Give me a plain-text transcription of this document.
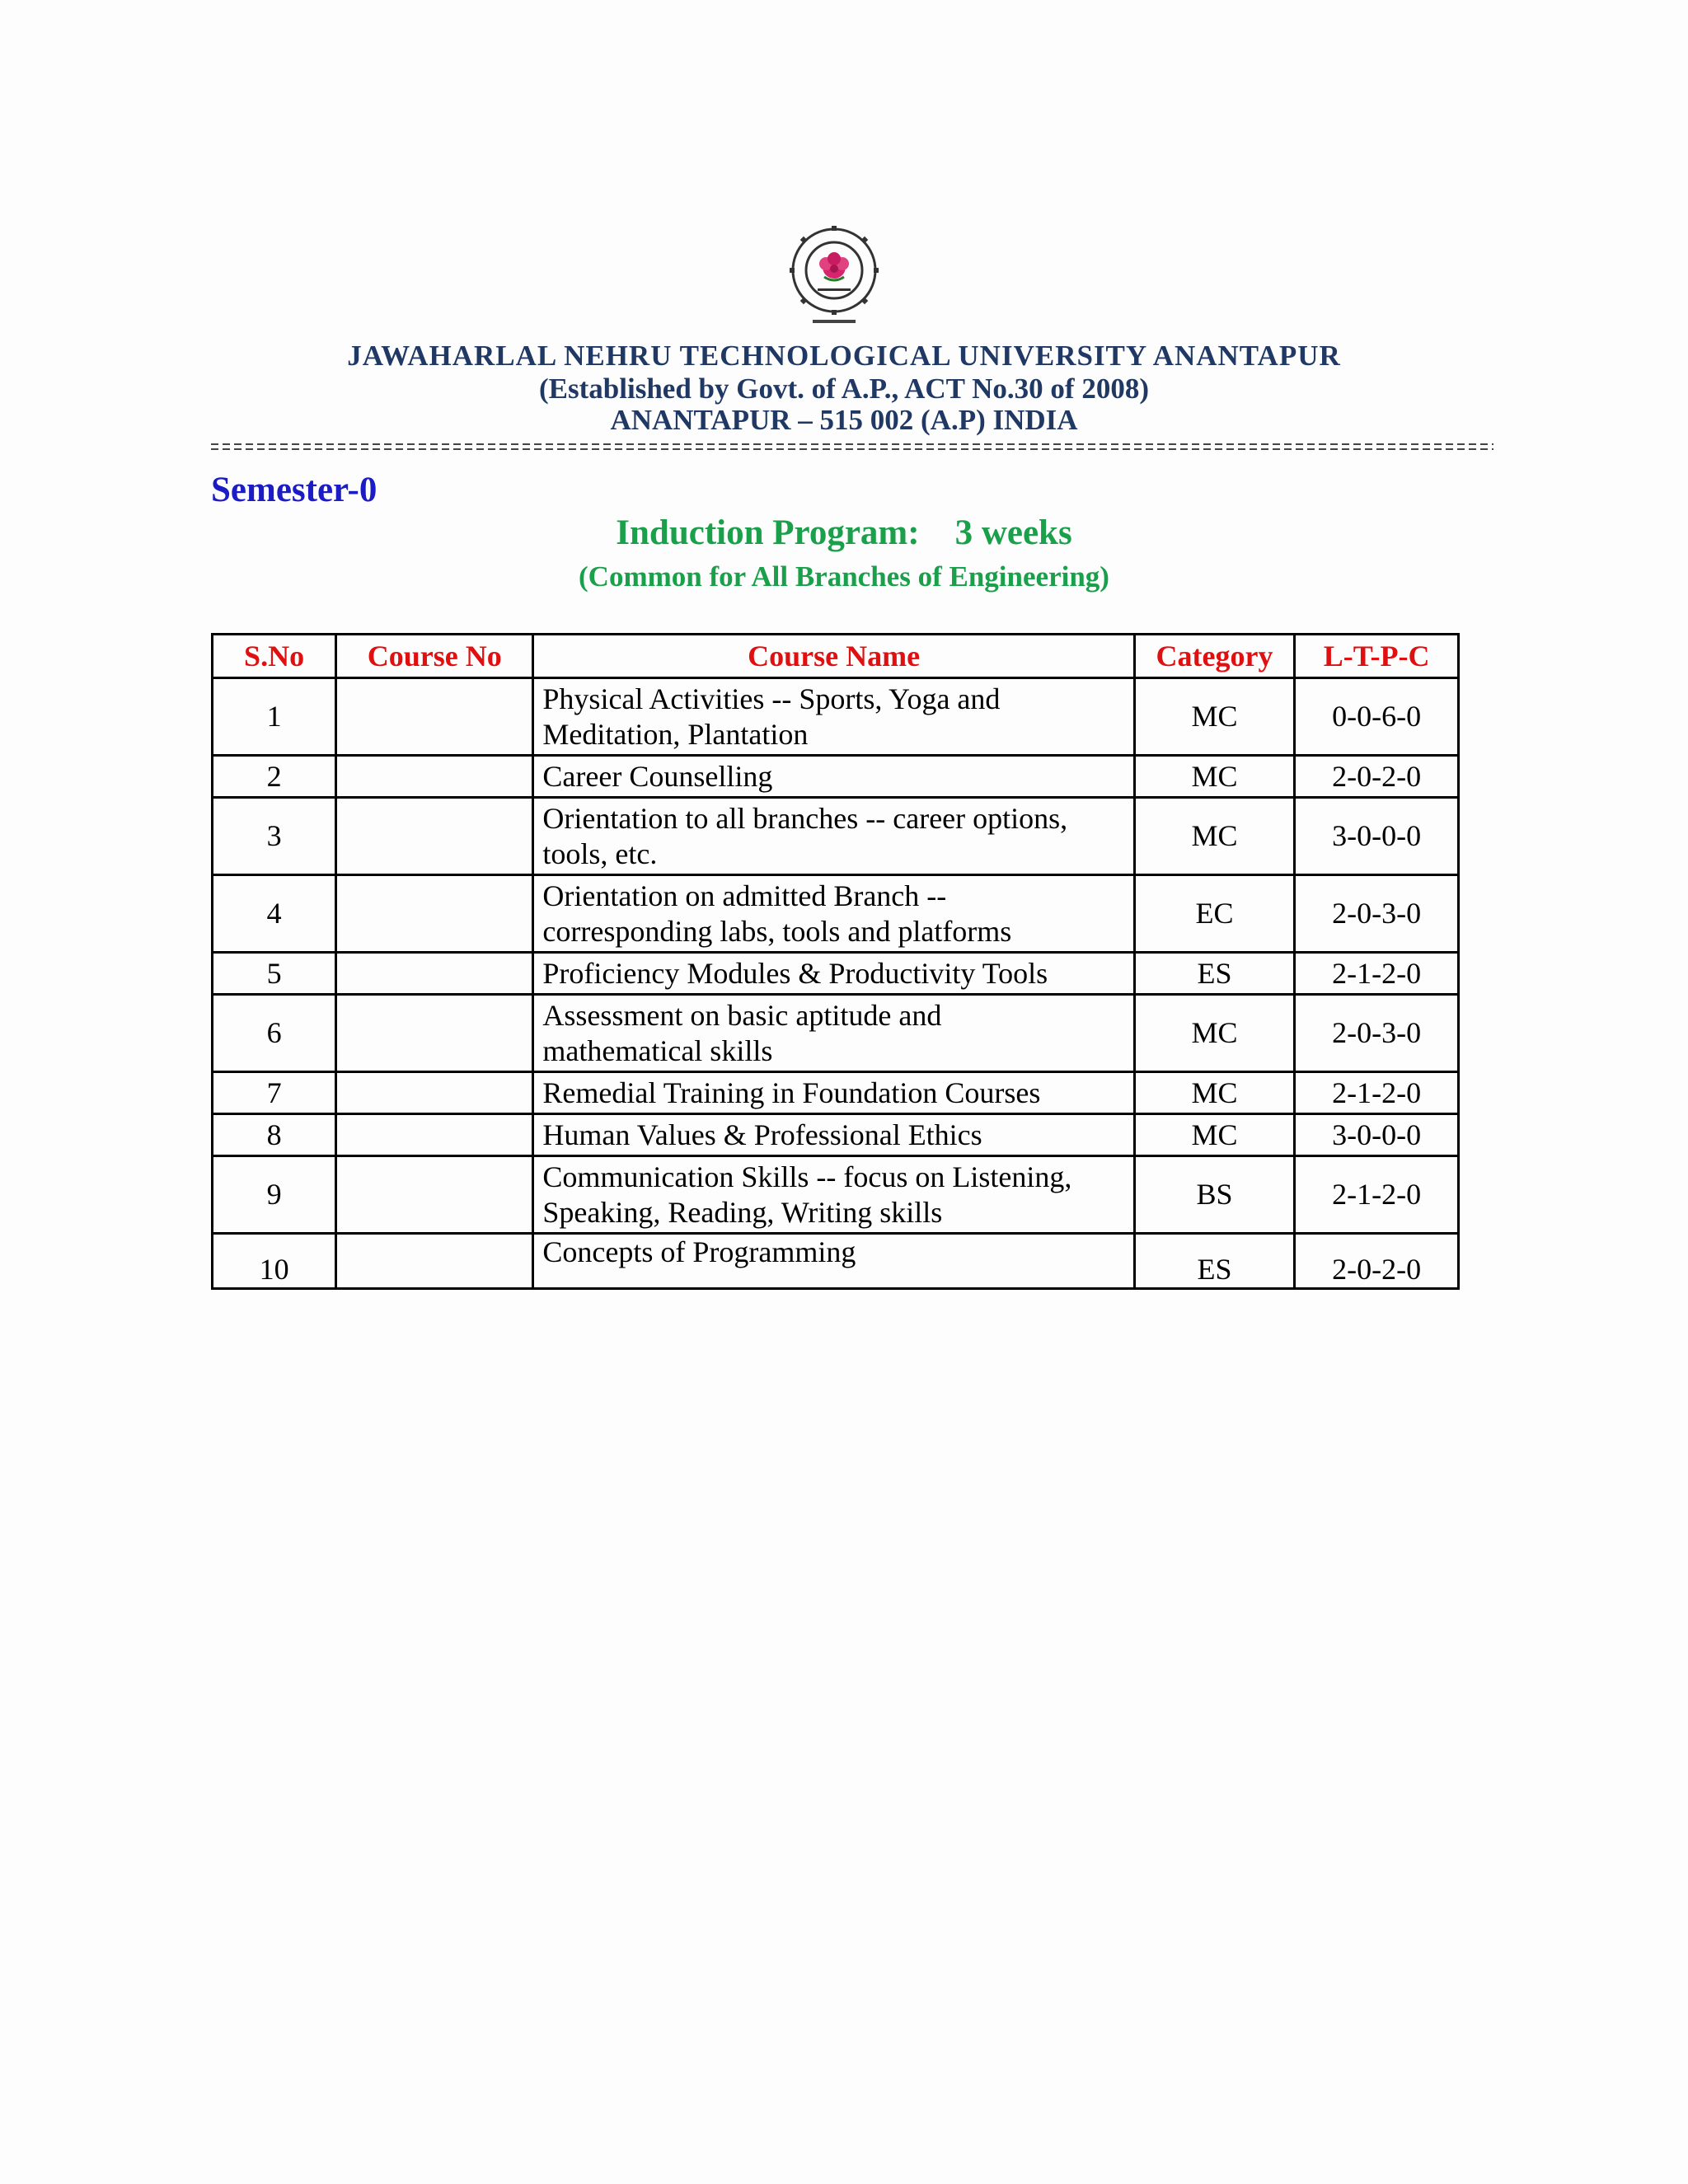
JAWAHARLAL NEHRU TECHNOLOGICAL UNIVERSITY ANANTAPUR
(Established by Govt. of A.P., ACT No.30 of 2008)
ANANTAPUR – 515 002 (A.P) INDIA
Semester-0
Induction Program:    3 weeks
(Common for All Branches of Engineering)
S.No	Course No	Course Name	Category	L-T-P-C
1		Physical Activities -- Sports, Yoga and
Meditation, Plantation	MC	0-0-6-0
2		Career Counselling	MC	2-0-2-0
3		Orientation to all branches -- career options,
tools, etc.	MC	3-0-0-0
4		Orientation on admitted Branch --
corresponding labs, tools and platforms	EC	2-0-3-0
5		Proficiency Modules & Productivity Tools	ES	2-1-2-0
6		Assessment on basic aptitude and
mathematical skills	MC	2-0-3-0
7		Remedial Training in Foundation Courses	MC	2-1-2-0
8		Human Values & Professional Ethics	MC	3-0-0-0
9		Communication Skills -- focus on Listening,
Speaking, Reading, Writing skills	BS	2-1-2-0
10		Concepts of Programming	ES	2-0-2-0
